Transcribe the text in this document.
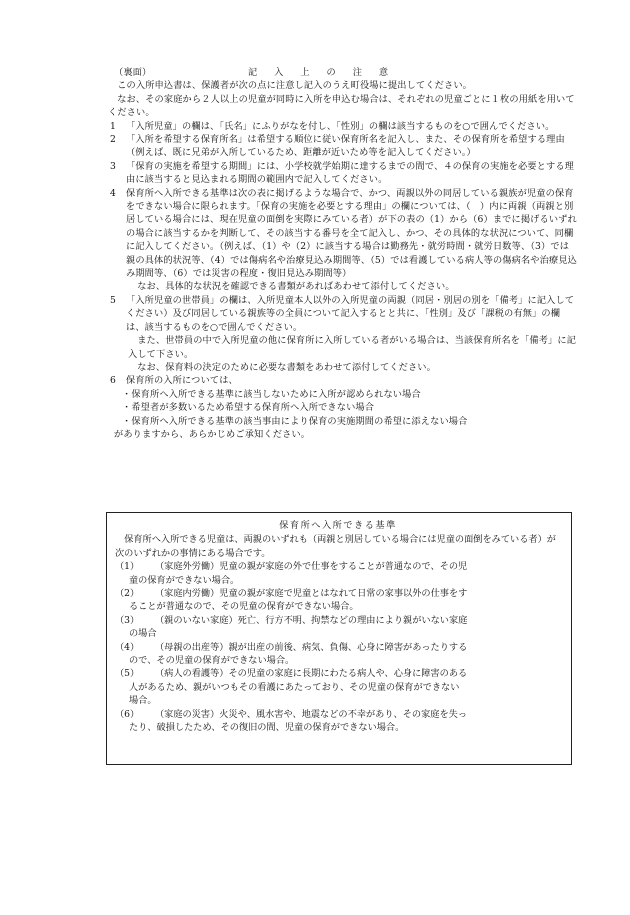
（裏面）	記入上の注意

この入所申込書は、保護者が次の点に注意し記入のうえ町役場に提出してください。

なお、その家庭から２人以上の児童が同時に入所を申込む場合は、それぞれの児童ごとに１枚の用紙を用いてください。

1	「入所児童」の欄は、「氏名」にふりがなを付し、「性別」の欄は該当するものを○で囲んでください。
2	「入所を希望する保育所名」は希望する順位に従い保育所名を記入し、また、その保育所を希望する理由（例えば、既に兄弟が入所しているため、距離が近いため等を記入してください。）
3	「保育の実施を希望する期間」には、小学校就学始期に達するまでの間で、４の保育の実施を必要とする理由に該当すると見込まれる期間の範囲内で記入してください。
4	保育所へ入所できる基準は次の表に掲げるような場合で、かつ、両親以外の同居している親族が児童の保育をできない場合に限られます。「保育の実施を必要とする理由」の欄については、（　）内に両親（両親と別居している場合には、現在児童の面倒を実際にみている者）が下の表の（1）から（6）までに掲げるいずれの場合に該当するかを判断して、その該当する番号を全て記入し、かつ、その具体的な状況について、同欄に記入してください。（例えば、（1）や（2）に該当する場合は勤務先・就労時間・就労日数等、（3）では親の具体的状況等、（4）では傷病名や治療見込み期間等、（5）では看護している病人等の傷病名や治療見込み期間等、（6）では災害の程度・復旧見込み期間等）

なお、具体的な状況を確認できる書類があればあわせて添付してください。

5	「入所児童の世帯員」の欄は、入所児童本人以外の入所児童の両親（同居・別居の別を「備考」に記入してください）及び同居している親族等の全員について記入するとと共に、「性別」及び「課税の有無」の欄は、該当するものを○で囲んでください。

また、世帯員の中で入所児童の他に保育所に入所している者がいる場合は、当該保育所名を「備考」に記入して下さい。

なお、保育料の決定のために必要な書類をあわせて添付してください。

6	保育所の入所については、

・保育所へ入所できる基準に該当しないために入所が認められない場合

・希望者が多数いるため希望する保育所へ入所できない場合

・保育所へ入所できる基準の該当事由により保育の実施期間の希望に添えない場合

がありますから、あらかじめご承知ください。

保育所へ入所できる基準

保育所へ入所できる児童は、両親のいずれも（両親と別居している場合には児童の面倒をみている者）が次のいずれかの事情にある場合です。

（1）	（家庭外労働）児童の親が家庭の外で仕事をすることが普通なので、その児

童の保育ができない場合。

（2）	（家庭内労働）児童の親が家庭で児童とはなれて日常の家事以外の仕事をす

ることが普通なので、その児童の保育ができない場合。

（3）	（親のいない家庭）死亡、行方不明、拘禁などの理由により親がいない家庭

の場合

（4）	（母親の出産等）親が出産の前後、病気、負傷、心身に障害があったりする

ので、その児童の保育ができない場合。

（5）	（病人の看護等）その児童の家庭に長期にわたる病人や、心身に障害のある

人があるため、親がいつもその看護にあたっており、その児童の保育ができない

場合。

（6）	（家庭の災害）火災や、風水害や、地震などの不幸があり、その家庭を失っ

たり、破損したため、その復旧の間、児童の保育ができない場合。
